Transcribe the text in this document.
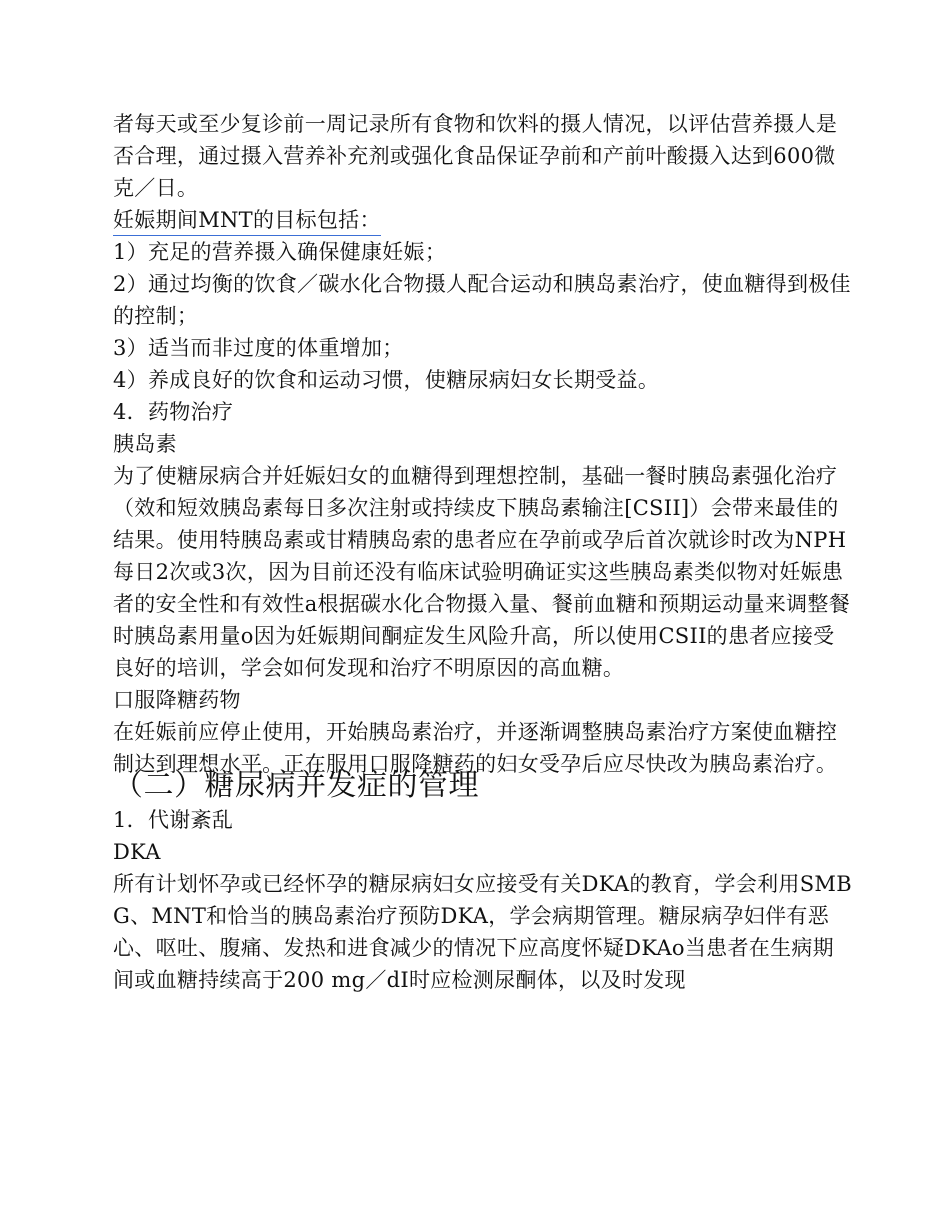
者每天或至少复诊前一周记录所有食物和饮料的摄人情况，以评估营养摄人是否合理，通过摄入营养补充剂或强化食品保证孕前和产前叶酸摄入达到600微克／日。

妊娠期间MNT的目标包括：

1）充足的营养摄入确保健康妊娠；

2）通过均衡的饮食／碳水化合物摄人配合运动和胰岛素治疗，使血糖得到极佳的控制；

3）适当而非过度的体重增加；

4）养成良好的饮食和运动习惯，使糖尿病妇女长期受益。

4．药物治疗

胰岛素

为了使糖尿病合并妊娠妇女的血糖得到理想控制，基础一餐时胰岛素强化治疗（效和短效胰岛素每日多次注射或持续皮下胰岛素输注[CSII]）会带来最佳的结果。使用特胰岛素或甘精胰岛索的患者应在孕前或孕后首次就诊时改为NPH每日2次或3次，因为目前还没有临床试验明确证实这些胰岛素类似物对妊娠患者的安全性和有效性a根据碳水化合物摄入量、餐前血糖和预期运动量来调整餐时胰岛素用量o因为妊娠期间酮症发生风险升高，所以使用CSII的患者应接受良好的培训，学会如何发现和治疗不明原因的高血糖。

口服降糖药物

在妊娠前应停止使用，开始胰岛素治疗，并逐渐调整胰岛素治疗方案使血糖控制达到理想水平。正在服用口服降糖药的妇女受孕后应尽快改为胰岛素治疗。

（二）糖尿病并发症的管理

1．代谢紊乱

DKA

所有计划怀孕或已经怀孕的糖尿病妇女应接受有关DKA的教育，学会利用SMBG、MNT和恰当的胰岛素治疗预防DKA，学会病期管理。糖尿病孕妇伴有恶心、呕吐、腹痛、发热和进食减少的情况下应高度怀疑DKAo当患者在生病期间或血糖持续高于200 mg／dI时应检测尿酮体，以及时发现
